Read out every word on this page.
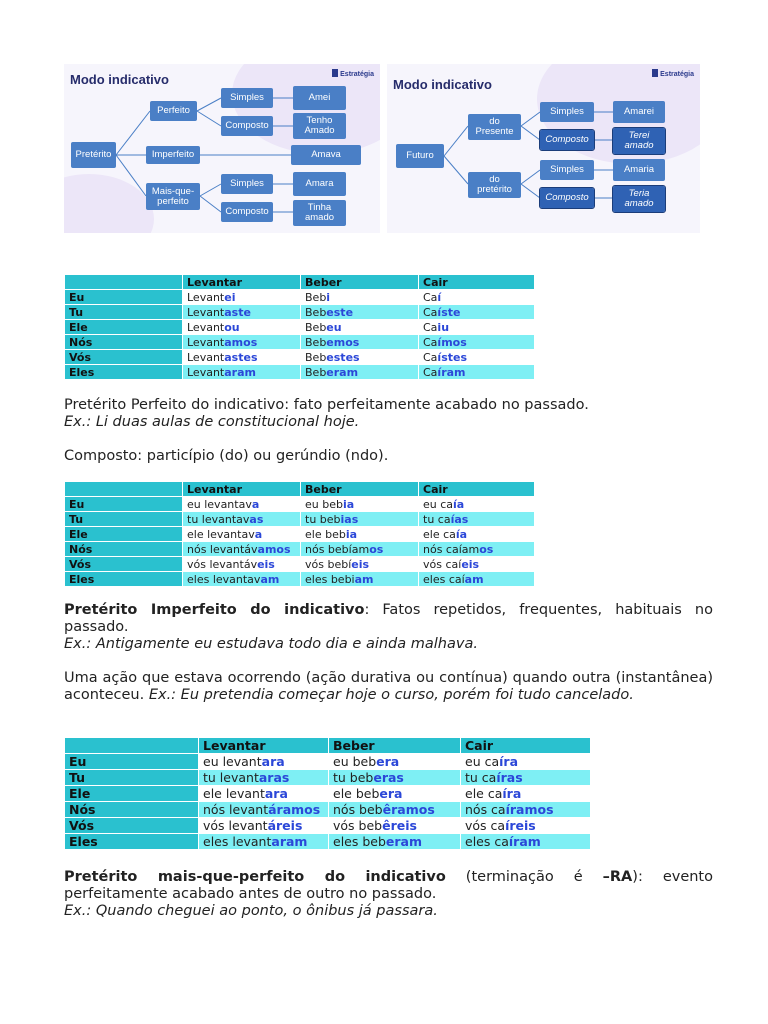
Modo indicativo	Estratégia
Pretérito
Perfeito
Imperfeito
Mais-que-
perfeito
Simples
Composto
Simples
Composto
Amei
Tenho
Amado
Amava
Amara
Tinha
amado
Modo indicativo
Estratégia
Futuro
do
Presente
do
pretérito
Simples
Composto
Simples
Composto
Amarei
Terei
amado
Amaria
Teria
amado
	Levantar	Beber	Cair
Eu	Levantei	Bebi	Caí
Tu	Levantaste	Bebeste	Caíste
Ele	Levantou	Bebeu	Caiu
Nós	Levantamos	Bebemos	Caímos
Vós	Levantastes	Bebestes	Caístes
Eles	Levantaram	Beberam	Caíram
Pretérito Perfeito do indicativo: fato perfeitamente acabado no passado.
Ex.: Li duas aulas de constitucional hoje.
Composto: particípio (do) ou gerúndio (ndo).
	Levantar	Beber	Cair
Eu	eu levantava	eu bebia	eu caía
Tu	tu levantavas	tu bebias	tu caías
Ele	ele levantava	ele bebia	ele caía
Nós	nós levantávamos	nós bebíamos	nós caíamos
Vós	vós levantáveis	vós bebíeis	vós caíeis
Eles	eles levantavam	eles bebiam	eles caíam
Pretérito Imperfeito do indicativo: Fatos repetidos, frequentes, habituais no passado.
Ex.: Antigamente eu estudava todo dia e ainda malhava.
Uma ação que estava ocorrendo (ação durativa ou contínua) quando outra (instantânea) aconteceu. Ex.: Eu pretendia começar hoje o curso, porém foi tudo cancelado.
	Levantar	Beber	Cair
Eu	eu levantara	eu bebera	eu caíra
Tu	tu levantaras	tu beberas	tu caíras
Ele	ele levantara	ele bebera	ele caíra
Nós	nós levantáramos	nós bebêramos	nós caíramos
Vós	vós levantáreis	vós bebêreis	vós caíreis
Eles	eles levantaram	eles beberam	eles caíram
Pretérito mais-que-perfeito do indicativo (terminação é –RA): evento perfeitamente acabado antes de outro no passado.
Ex.: Quando cheguei ao ponto, o ônibus já passara.
